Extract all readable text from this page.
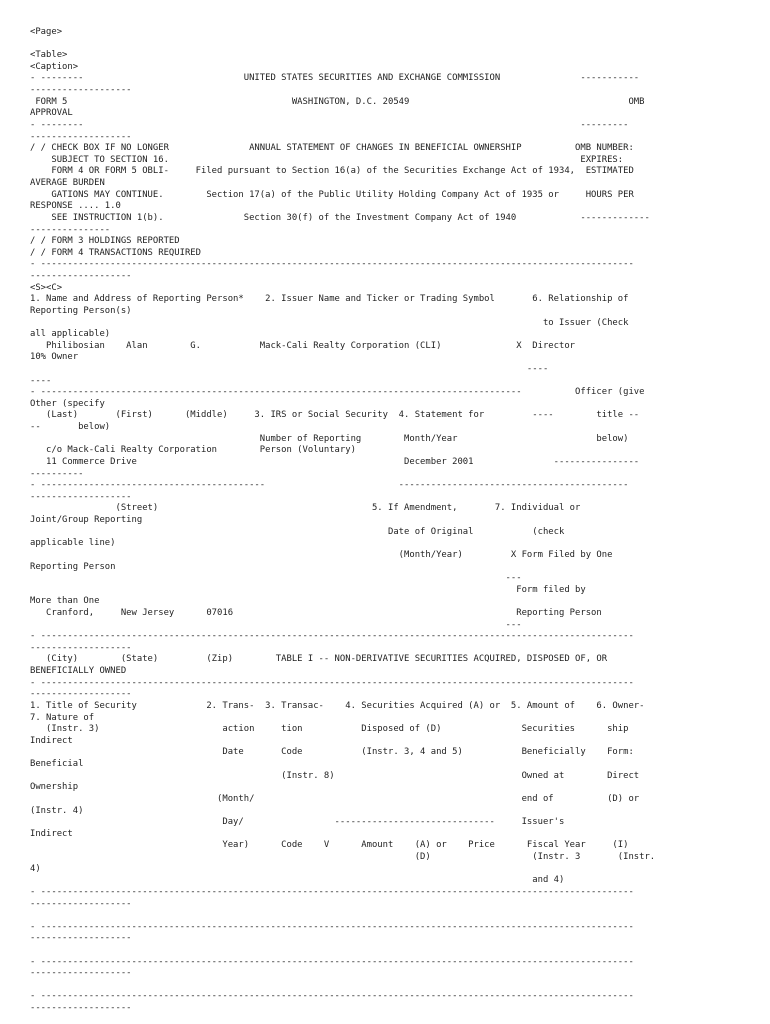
<Page>
<Table>
<Caption>
- --------                              UNITED STATES SECURITIES AND EXCHANGE COMMISSION               -----------
-------------------
FORM 5                                          WASHINGTON, D.C. 20549                                         OMB
APPROVAL
- --------                                                                                             ---------
-------------------
/ / CHECK BOX IF NO LONGER               ANNUAL STATEMENT OF CHANGES IN BENEFICIAL OWNERSHIP          OMB NUMBER:
SUBJECT TO SECTION 16.                                                                             EXPIRES:
FORM 4 OR FORM 5 OBLI-     Filed pursuant to Section 16(a) of the Securities Exchange Act of 1934,  ESTIMATED
AVERAGE BURDEN
GATIONS MAY CONTINUE.        Section 17(a) of the Public Utility Holding Company Act of 1935 or     HOURS PER
RESPONSE .... 1.0
SEE INSTRUCTION 1(b).               Section 30(f) of the Investment Company Act of 1940            -------------
---------------
/ / FORM 3 HOLDINGS REPORTED
/ / FORM 4 TRANSACTIONS REQUIRED
- ---------------------------------------------------------------------------------------------------------------
-------------------
<S><C>
1. Name and Address of Reporting Person*    2. Issuer Name and Ticker or Trading Symbol       6. Relationship of
Reporting Person(s)
to Issuer (Check
all applicable)
Philibosian    Alan        G.           Mack-Cali Realty Corporation (CLI)              X  Director
10% Owner
----
----
- ------------------------------------------------------------------------------------------          Officer (give
Other (specify
(Last)       (First)      (Middle)     3. IRS or Social Security  4. Statement for         ----        title --
--       below)
Number of Reporting        Month/Year                          below)
c/o Mack-Cali Realty Corporation        Person (Voluntary)
11 Commerce Drive                                                  December 2001               ----------------
----------
- ------------------------------------------                         -------------------------------------------
-------------------
(Street)                                        5. If Amendment,       7. Individual or
Joint/Group Reporting
Date of Original           (check
applicable line)
(Month/Year)         X Form Filed by One
Reporting Person
---
Form filed by
More than One
Cranford,     New Jersey      07016                                                     Reporting Person
---
- ---------------------------------------------------------------------------------------------------------------
-------------------
(City)        (State)         (Zip)        TABLE I -- NON-DERIVATIVE SECURITIES ACQUIRED, DISPOSED OF, OR
BENEFICIALLY OWNED
- ---------------------------------------------------------------------------------------------------------------
-------------------
1. Title of Security             2. Trans-  3. Transac-    4. Securities Acquired (A) or  5. Amount of    6. Owner-
7. Nature of
(Instr. 3)                       action     tion           Disposed of (D)               Securities      ship
Indirect
Date       Code           (Instr. 3, 4 and 5)           Beneficially    Form:
Beneficial
(Instr. 8)                                   Owned at        Direct
Ownership
(Month/                                                  end of          (D) or
(Instr. 4)
Day/                 ------------------------------     Issuer's
Indirect
Year)      Code    V      Amount    (A) or    Price      Fiscal Year     (I)
(D)                   (Instr. 3       (Instr.
4)
and 4)
- ---------------------------------------------------------------------------------------------------------------
-------------------
- ---------------------------------------------------------------------------------------------------------------
-------------------
- ---------------------------------------------------------------------------------------------------------------
-------------------
- ---------------------------------------------------------------------------------------------------------------
-------------------
